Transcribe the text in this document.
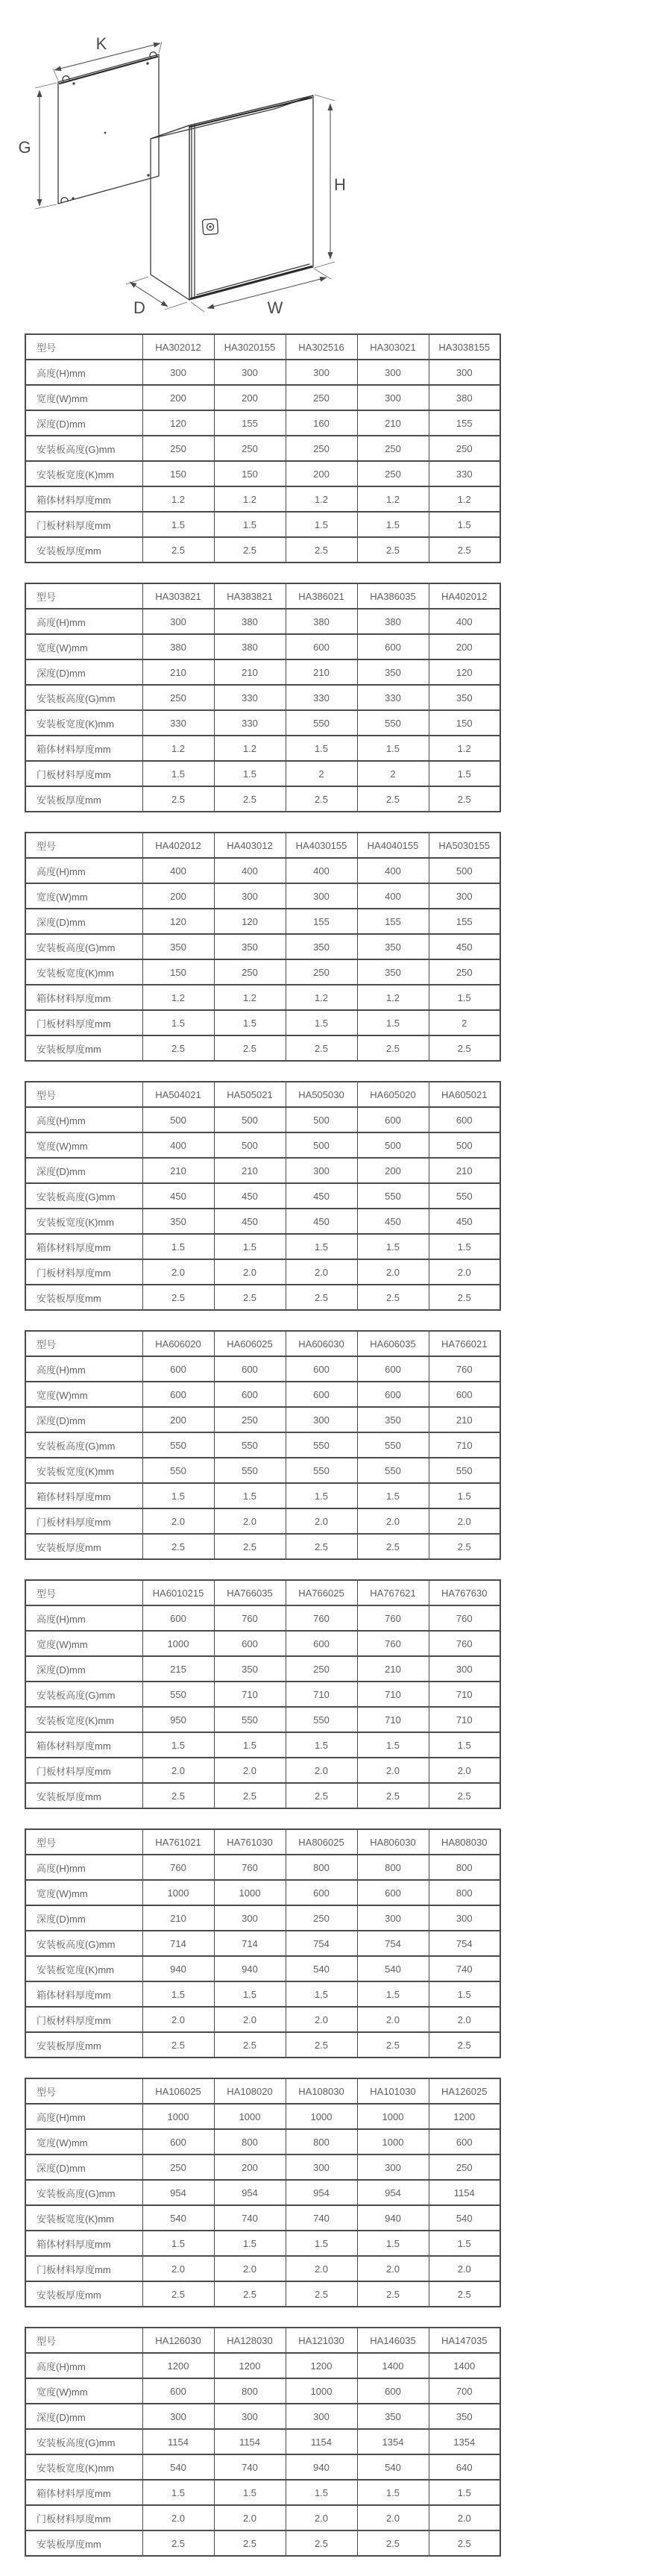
K
G
H
D	W
型号	HA302012	HA3020155	HA302516	HA303021	HA3038155
高度(H)mm	300	300	300	300	300
宽度(W)mm	200	200	250	300	380
深度(D)mm	120	155	160	210	155
安装板高度(G)mm	250	250	250	250	250
安装板宽度(K)mm	150	150	200	250	330
箱体材料厚度mm	1.2	1.2	1.2	1.2	1.2
门板材料厚度mm	1.5	1.5	1.5	1.5	1.5
安装板厚度mm	2.5	2.5	2.5	2.5	2.5
型号	HA303821	HA383821	HA386021	HA386035	HA402012
高度(H)mm	300	380	380	380	400
宽度(W)mm	380	380	600	600	200
深度(D)mm	210	210	210	350	120
安装板高度(G)mm	250	330	330	330	350
安装板宽度(K)mm	330	330	550	550	150
箱体材料厚度mm	1.2	1.2	1.5	1.5	1.2
门板材料厚度mm	1.5	1.5	2	2	1.5
安装板厚度mm	2.5	2.5	2.5	2.5	2.5
型号	HA402012	HA403012	HA4030155	HA4040155	HA5030155
高度(H)mm	400	400	400	400	500
宽度(W)mm	200	300	300	400	300
深度(D)mm	120	120	155	155	155
安装板高度(G)mm	350	350	350	350	450
安装板宽度(K)mm	150	250	250	350	250
箱体材料厚度mm	1.2	1.2	1.2	1.2	1.5
门板材料厚度mm	1.5	1.5	1.5	1.5	2
安装板厚度mm	2.5	2.5	2.5	2.5	2.5
型号	HA504021	HA505021	HA505030	HA605020	HA605021
高度(H)mm	500	500	500	600	600
宽度(W)mm	400	500	500	500	500
深度(D)mm	210	210	300	200	210
安装板高度(G)mm	450	450	450	550	550
安装板宽度(K)mm	350	450	450	450	450
箱体材料厚度mm	1.5	1.5	1.5	1.5	1.5
门板材料厚度mm	2.0	2.0	2.0	2.0	2.0
安装板厚度mm	2.5	2.5	2.5	2.5	2.5
型号	HA606020	HA606025	HA606030	HA606035	HA766021
高度(H)mm	600	600	600	600	760
宽度(W)mm	600	600	600	600	600
深度(D)mm	200	250	300	350	210
安装板高度(G)mm	550	550	550	550	710
安装板宽度(K)mm	550	550	550	550	550
箱体材料厚度mm	1.5	1.5	1.5	1.5	1.5
门板材料厚度mm	2.0	2.0	2.0	2.0	2.0
安装板厚度mm	2.5	2.5	2.5	2.5	2.5
型号	HA6010215	HA766035	HA766025	HA767621	HA767630
高度(H)mm	600	760	760	760	760
宽度(W)mm	1000	600	600	760	760
深度(D)mm	215	350	250	210	300
安装板高度(G)mm	550	710	710	710	710
安装板宽度(K)mm	950	550	550	710	710
箱体材料厚度mm	1.5	1.5	1.5	1.5	1.5
门板材料厚度mm	2.0	2.0	2.0	2.0	2.0
安装板厚度mm	2.5	2.5	2.5	2.5	2.5
型号	HA761021	HA761030	HA806025	HA806030	HA808030
高度(H)mm	760	760	800	800	800
宽度(W)mm	1000	1000	600	600	800
深度(D)mm	210	300	250	300	300
安装板高度(G)mm	714	714	754	754	754
安装板宽度(K)mm	940	940	540	540	740
箱体材料厚度mm	1.5	1.5	1.5	1.5	1.5
门板材料厚度mm	2.0	2.0	2.0	2.0	2.0
安装板厚度mm	2.5	2.5	2.5	2.5	2.5
型号	HA106025	HA108020	HA108030	HA101030	HA126025
高度(H)mm	1000	1000	1000	1000	1200
宽度(W)mm	600	800	800	1000	600
深度(D)mm	250	200	300	300	250
安装板高度(G)mm	954	954	954	954	1154
安装板宽度(K)mm	540	740	740	940	540
箱体材料厚度mm	1.5	1.5	1.5	1.5	1.5
门板材料厚度mm	2.0	2.0	2.0	2.0	2.0
安装板厚度mm	2.5	2.5	2.5	2.5	2.5
型号	HA126030	HA128030	HA121030	HA146035	HA147035
高度(H)mm	1200	1200	1200	1400	1400
宽度(W)mm	600	800	1000	600	700
深度(D)mm	300	300	300	350	350
安装板高度(G)mm	1154	1154	1154	1354	1354
安装板宽度(K)mm	540	740	940	540	640
箱体材料厚度mm	1.5	1.5	1.5	1.5	1.5
门板材料厚度mm	2.0	2.0	2.0	2.0	2.0
安装板厚度mm	2.5	2.5	2.5	2.5	2.5
